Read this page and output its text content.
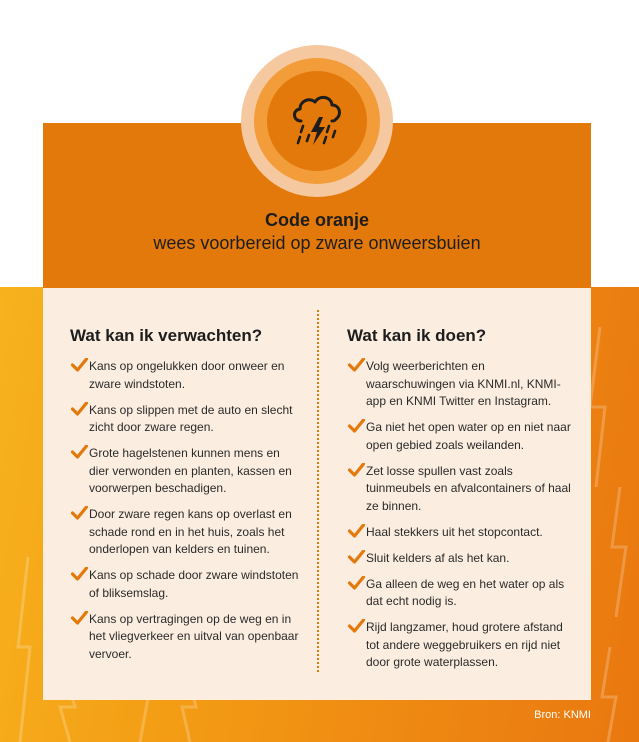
Code oranje
wees voorbereid op zware onweersbuien
Wat kan ik verwachten?
Kans op ongelukken door onweer en zware windstoten.
Kans op slippen met de auto en slecht zicht door zware regen.
Grote hagelstenen kunnen mens en dier verwonden en planten, kassen en voorwerpen beschadigen.
Door zware regen kans op overlast en schade rond en in het huis, zoals het onderlopen van kelders en tuinen.
Kans op schade door zware windstoten of bliksemslag.
Kans op vertragingen op de weg en in het vliegverkeer en uitval van openbaar vervoer.
Wat kan ik doen?
Volg weerberichten en waarschuwingen via KNMI.nl, KNMI-app en KNMI Twitter en Instagram.
Ga niet het open water op en niet naar open gebied zoals weilanden.
Zet losse spullen vast zoals tuinmeubels en afvalcontainers of haal ze binnen.
Haal stekkers uit het stopcontact.
Sluit kelders af als het kan.
Ga alleen de weg en het water op als dat echt nodig is.
Rijd langzamer, houd grotere afstand tot andere weggebruikers en rijd niet door grote waterplassen.
Bron: KNMI
